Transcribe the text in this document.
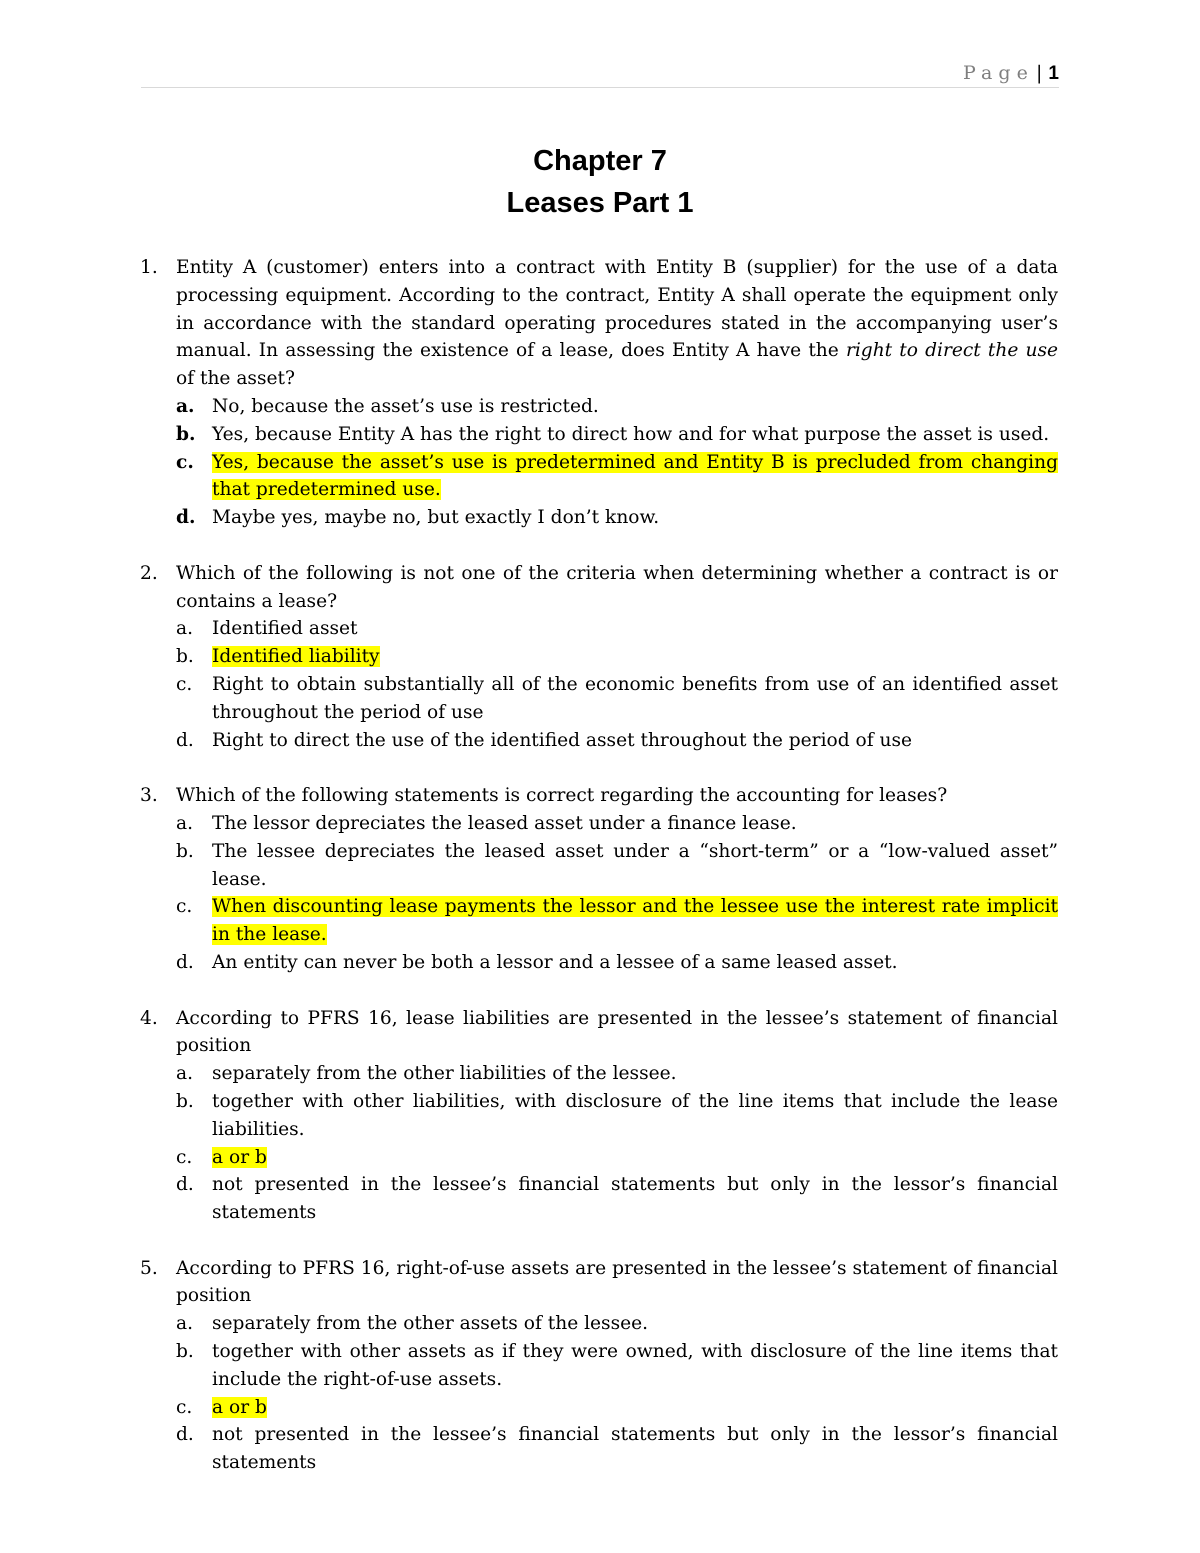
Page | 1
Chapter 7
Leases Part 1
1. Entity A (customer) enters into a contract with Entity B (supplier) for the use of a data processing equipment. According to the contract, Entity A shall operate the equipment only in accordance with the standard operating procedures stated in the accompanying user’s manual. In assessing the existence of a lease, does Entity A have the right to direct the use of the asset?
a. No, because the asset’s use is restricted.
b. Yes, because Entity A has the right to direct how and for what purpose the asset is used.
c. Yes, because the asset’s use is predetermined and Entity B is precluded from changing that predetermined use.
d. Maybe yes, maybe no, but exactly I don’t know.
2. Which of the following is not one of the criteria when determining whether a contract is or contains a lease?
a. Identified asset
b. Identified liability
c. Right to obtain substantially all of the economic benefits from use of an identified asset throughout the period of use
d. Right to direct the use of the identified asset throughout the period of use
3. Which of the following statements is correct regarding the accounting for leases?
a. The lessor depreciates the leased asset under a finance lease.
b. The lessee depreciates the leased asset under a “short-term” or a “low-valued asset” lease.
c. When discounting lease payments the lessor and the lessee use the interest rate implicit in the lease.
d. An entity can never be both a lessor and a lessee of a same leased asset.
4. According to PFRS 16, lease liabilities are presented in the lessee’s statement of financial position
a. separately from the other liabilities of the lessee.
b. together with other liabilities, with disclosure of the line items that include the lease liabilities.
c. a or b
d. not presented in the lessee’s financial statements but only in the lessor’s financial statements
5. According to PFRS 16, right-of-use assets are presented in the lessee’s statement of financial position
a. separately from the other assets of the lessee.
b. together with other assets as if they were owned, with disclosure of the line items that include the right-of-use assets.
c. a or b
d. not presented in the lessee’s financial statements but only in the lessor’s financial statements
